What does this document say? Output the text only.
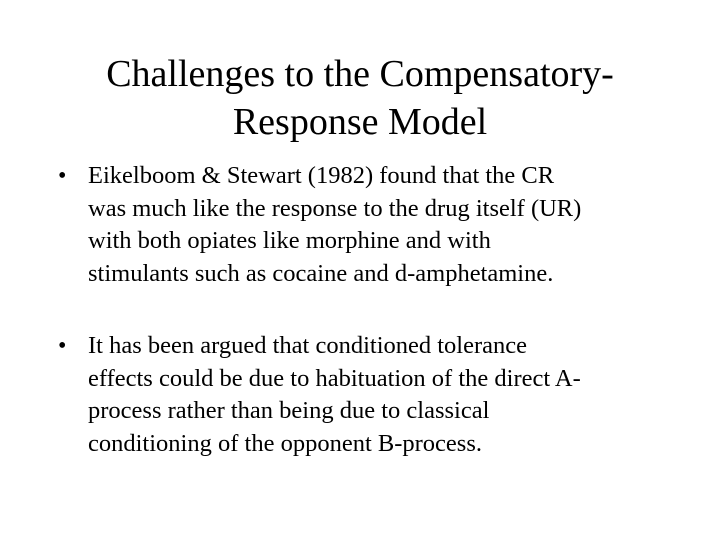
Challenges to the Compensatory-
Response Model
• Eikelboom & Stewart (1982) found that the CR
was much like the response to the drug itself (UR)
with both opiates like morphine and with
stimulants such as cocaine and d-amphetamine.
• It has been argued that conditioned tolerance
effects could be due to habituation of the direct A-
process rather than being due to classical
conditioning of the opponent B-process.
